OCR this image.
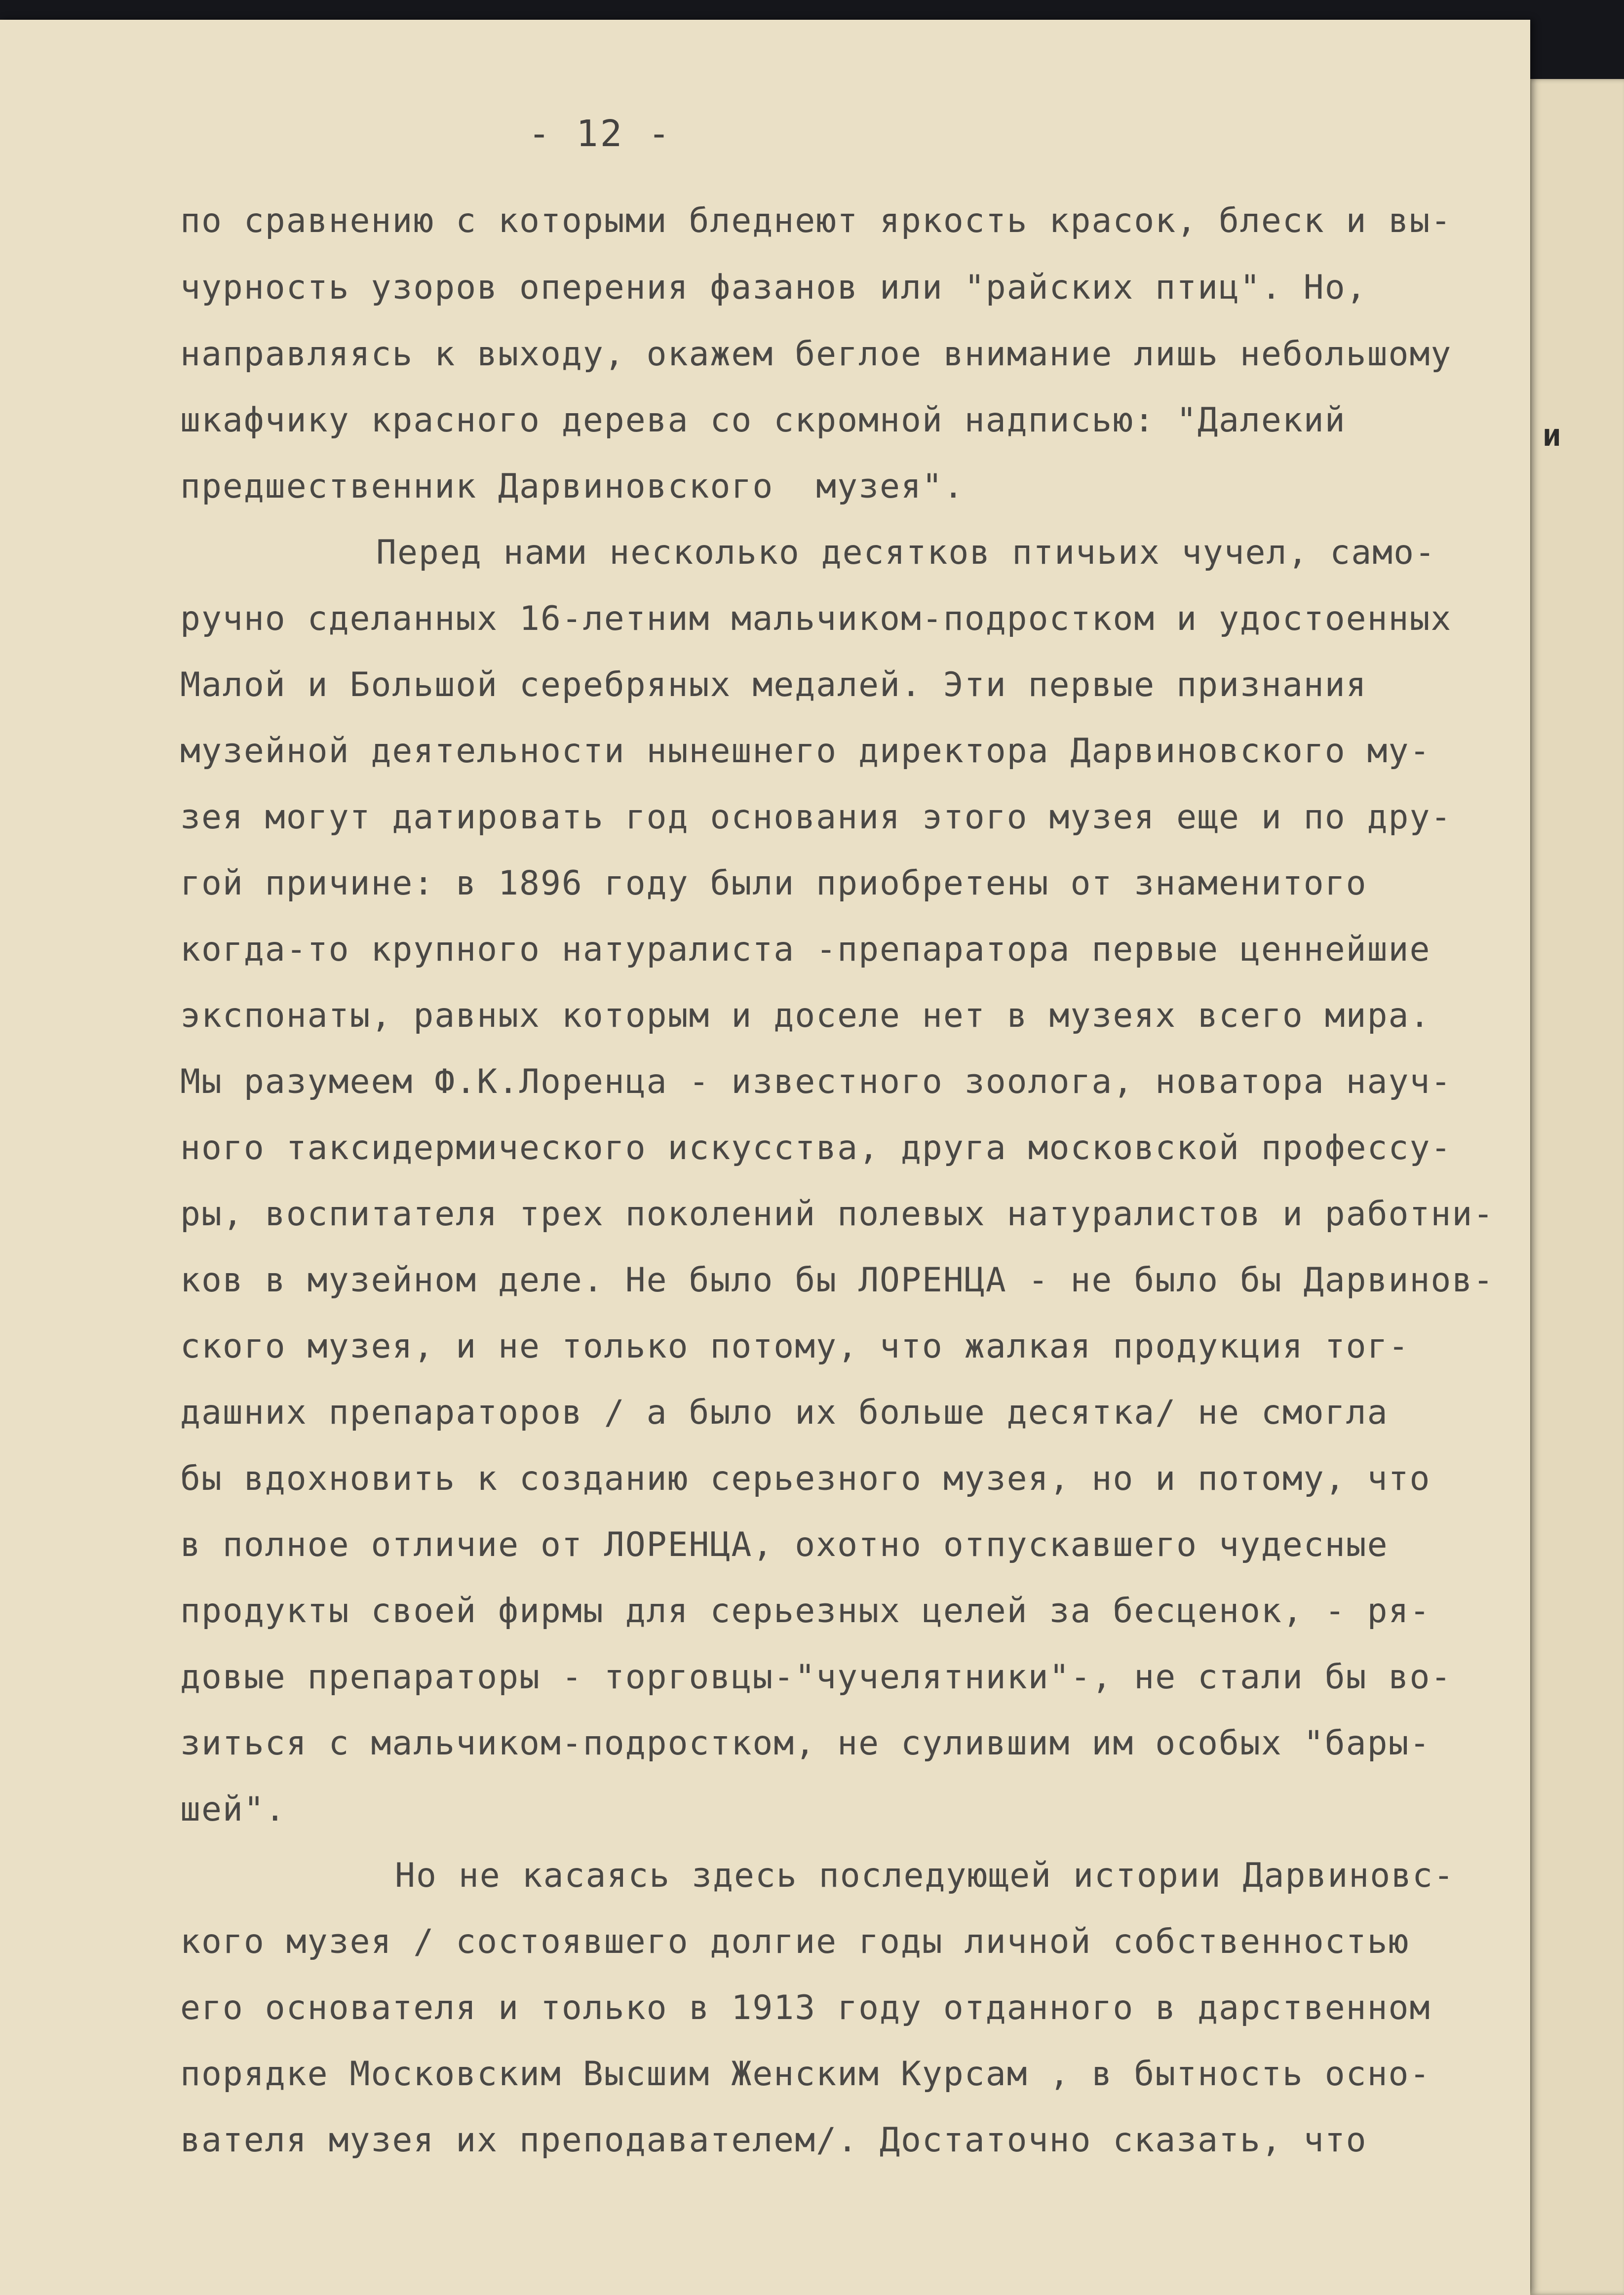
и
- 12 -
по сравнению с которыми бледнеют яркость красок, блеск и вы-
чурность узоров оперения фазанов или "райских птиц". Но,
направляясь к выходу, окажем беглое внимание лишь небольшому
шкафчику красного дерева со скромной надписью: "Далекий
предшественник Дарвиновского  музея".
Перед нами несколько десятков птичьих чучел, само-
ручно сделанных 16-летним мальчиком-подростком и удостоенных
Малой и Большой серебряных медалей. Эти первые признания
музейной деятельности нынешнего директора Дарвиновского му-
зея могут датировать год основания этого музея еще и по дру-
гой причине: в 1896 году были приобретены от знаменитого
когда-то крупного натуралиста -препаратора первые ценнейшие
экспонаты, равных которым и доселе нет в музеях всего мира.
Мы разумеем Ф.К.Лоренца - известного зоолога, новатора науч-
ного таксидермического искусства, друга московской профессу-
ры, воспитателя трех поколений полевых натуралистов и работни-
ков в музейном деле. Не было бы ЛОРЕНЦА - не было бы Дарвинов-
ского музея, и не только потому, что жалкая продукция тог-
дашних препараторов / а было их больше десятка/ не смогла
бы вдохновить к созданию серьезного музея, но и потому, что
в полное отличие от ЛОРЕНЦА, охотно отпускавшего чудесные
продукты своей фирмы для серьезных целей за бесценок, - ря-
довые препараторы - торговцы-"чучелятники"-, не стали бы во-
зиться с мальчиком-подростком, не сулившим им особых "бары-
шей".
Но не касаясь здесь последующей истории Дарвиновс-
кого музея / состоявшего долгие годы личной собственностью
его основателя и только в 1913 году отданного в дарственном
порядке Московским Высшим Женским Курсам , в бытность осно-
вателя музея их преподавателем/. Достаточно сказать, что
